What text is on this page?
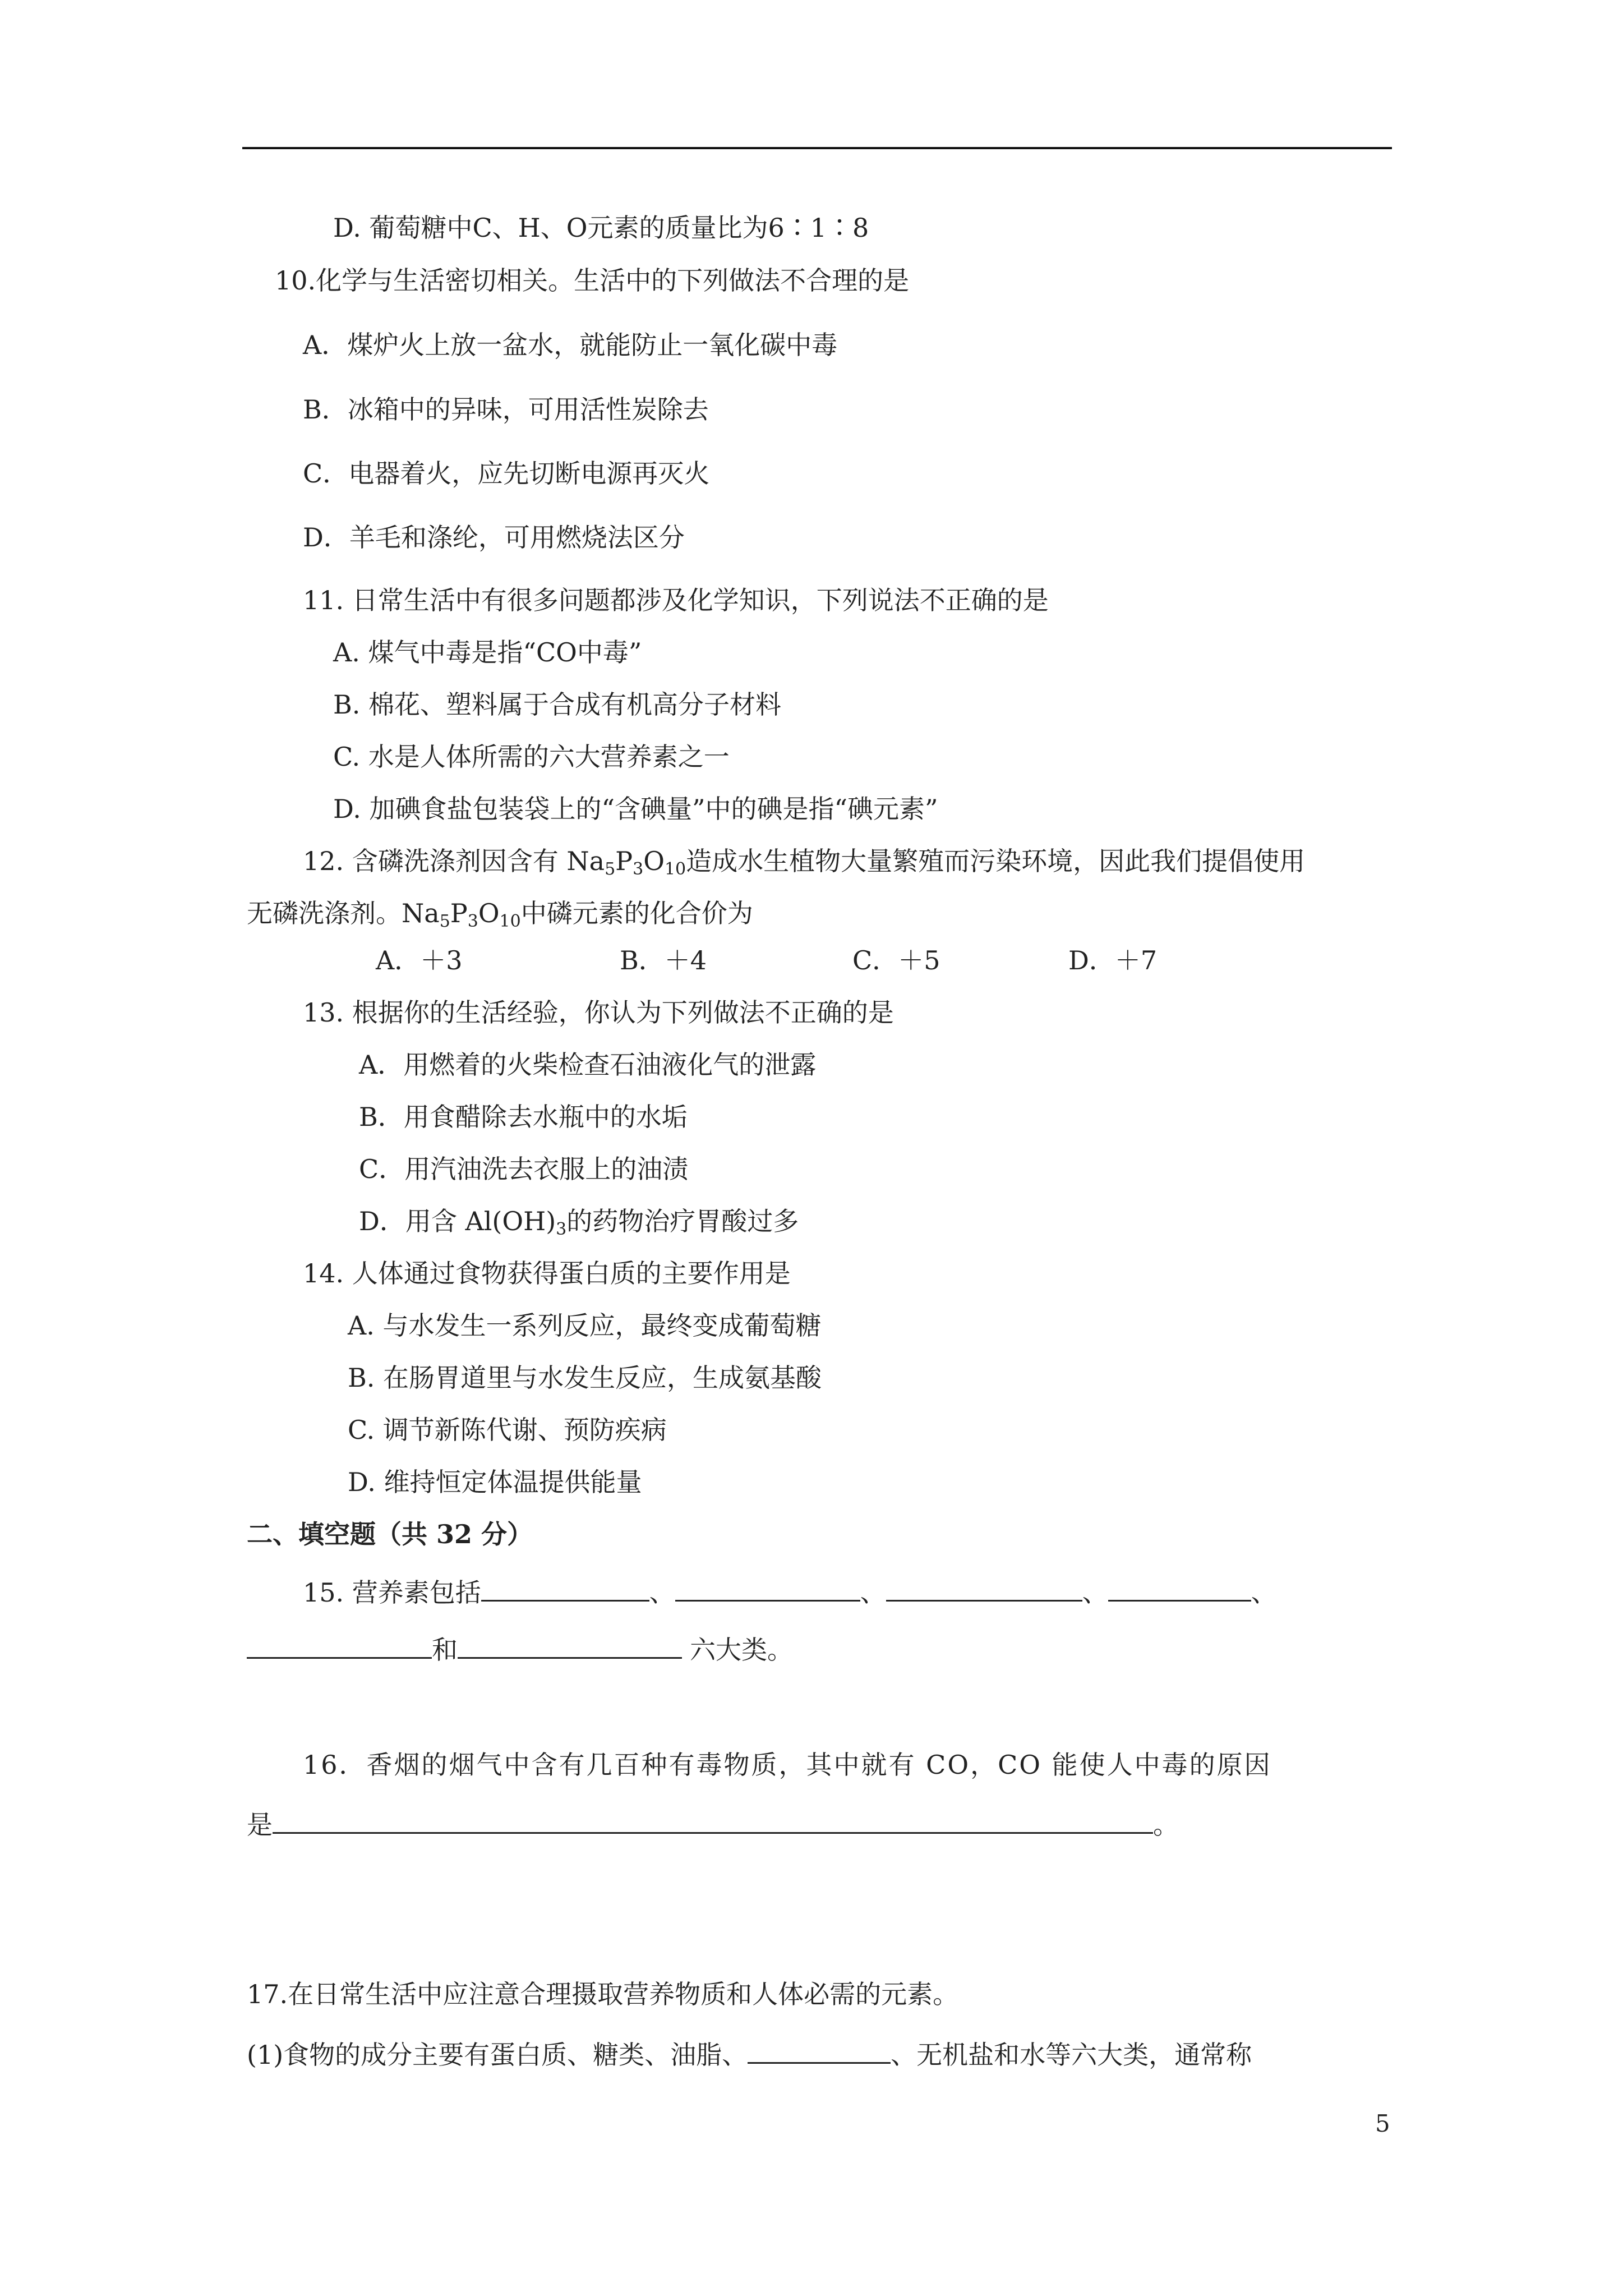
D. 葡萄糖中C、H、O元素的质量比为6∶1∶8
10.化学与生活密切相关。生活中的下列做法不合理的是
A．煤炉火上放一盆水，就能防止一氧化碳中毒
B．冰箱中的异味，可用活性炭除去
C．电器着火，应先切断电源再灭火
D．羊毛和涤纶，可用燃烧法区分
11. 日常生活中有很多问题都涉及化学知识，下列说法不正确的是
A. 煤气中毒是指“CO中毒”
B. 棉花、塑料属于合成有机高分子材料
C. 水是人体所需的六大营养素之一
D. 加碘食盐包装袋上的“含碘量”中的碘是指“碘元素”
12. 含磷洗涤剂因含有 $Na_5P_3O_{10}$造成水生植物大量繁殖而污染环境，因此我们提倡使用
无磷洗涤剂。$Na_5P_3O_{10}$中磷元素的化合价为
A．＋3	B．＋4	C．＋5	D．＋7
13. 根据你的生活经验，你认为下列做法不正确的是
A．用燃着的火柴检查石油液化气的泄露
B．用食醋除去水瓶中的水垢
C．用汽油洗去衣服上的油渍
D．用含 $Al(OH)_3$的药物治疗胃酸过多
14. 人体通过食物获得蛋白质的主要作用是
A. 与水发生一系列反应，最终变成葡萄糖
B. 在肠胃道里与水发生反应，生成氨基酸
C. 调节新陈代谢、预防疾病
D. 维持恒定体温提供能量
二、填空题（共 32 分）
15. 营养素包括	、	、	、	、
和	六大类。
16．香烟的烟气中含有几百种有毒物质，其中就有 CO，CO 能使人中毒的原因
是	。
17.在日常生活中应注意合理摄取营养物质和人体必需的元素。
(1)食物的成分主要有蛋白质、糖类、油脂、	、无机盐和水等六大类，通常称
5
